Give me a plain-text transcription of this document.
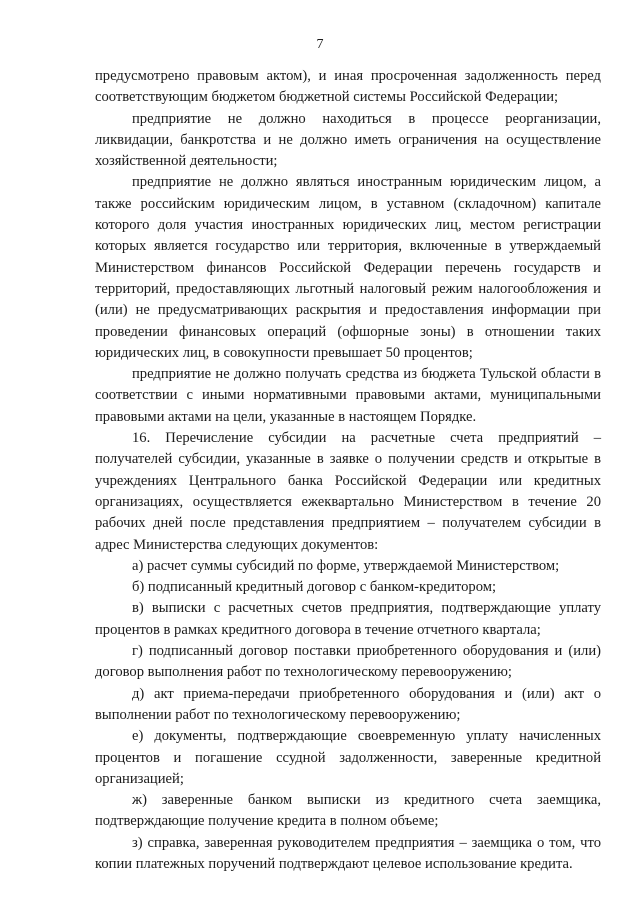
7

предусмотрено правовым актом), и иная просроченная задолженность перед соответствующим бюджетом бюджетной системы Российской Федерации;

предприятие не должно находиться в процессе реорганизации, ликвидации, банкротства и не должно иметь ограничения на осуществление хозяйственной деятельности;

предприятие не должно являться иностранным юридическим лицом, а также российским юридическим лицом, в уставном (складочном) капитале которого доля участия иностранных юридических лиц, местом регистрации которых является государство или территория, включенные в утверждаемый Министерством финансов Российской Федерации перечень государств и территорий, предоставляющих льготный налоговый режим налогообложения и (или) не предусматривающих раскрытия и предоставления информации при проведении финансовых операций (офшорные зоны) в отношении таких юридических лиц, в совокупности превышает 50 процентов;

предприятие не должно получать средства из бюджета Тульской области в соответствии с иными нормативными правовыми актами, муниципальными правовыми актами на цели, указанные в настоящем Порядке.

16. Перечисление субсидии на расчетные счета предприятий – получателей субсидии, указанные в заявке о получении средств и открытые в учреждениях Центрального банка Российской Федерации или кредитных организациях, осуществляется ежеквартально Министерством в течение 20 рабочих дней после представления предприятием – получателем субсидии в адрес Министерства следующих документов:

а) расчет суммы субсидий по форме, утверждаемой Министерством;

б) подписанный кредитный договор с банком-кредитором;

в) выписки с расчетных счетов предприятия, подтверждающие уплату процентов в рамках кредитного договора в течение отчетного квартала;

г) подписанный договор поставки приобретенного оборудования и (или) договор выполнения работ по технологическому перевооружению;

д) акт приема-передачи приобретенного оборудования и (или) акт о выполнении работ по технологическому перевооружению;

е) документы, подтверждающие своевременную уплату начисленных процентов и погашение ссудной задолженности, заверенные кредитной организацией;

ж) заверенные банком выписки из кредитного счета заемщика, подтверждающие получение кредита в полном объеме;

з) справка, заверенная руководителем предприятия – заемщика о том, что копии платежных поручений подтверждают целевое использование кредита.
